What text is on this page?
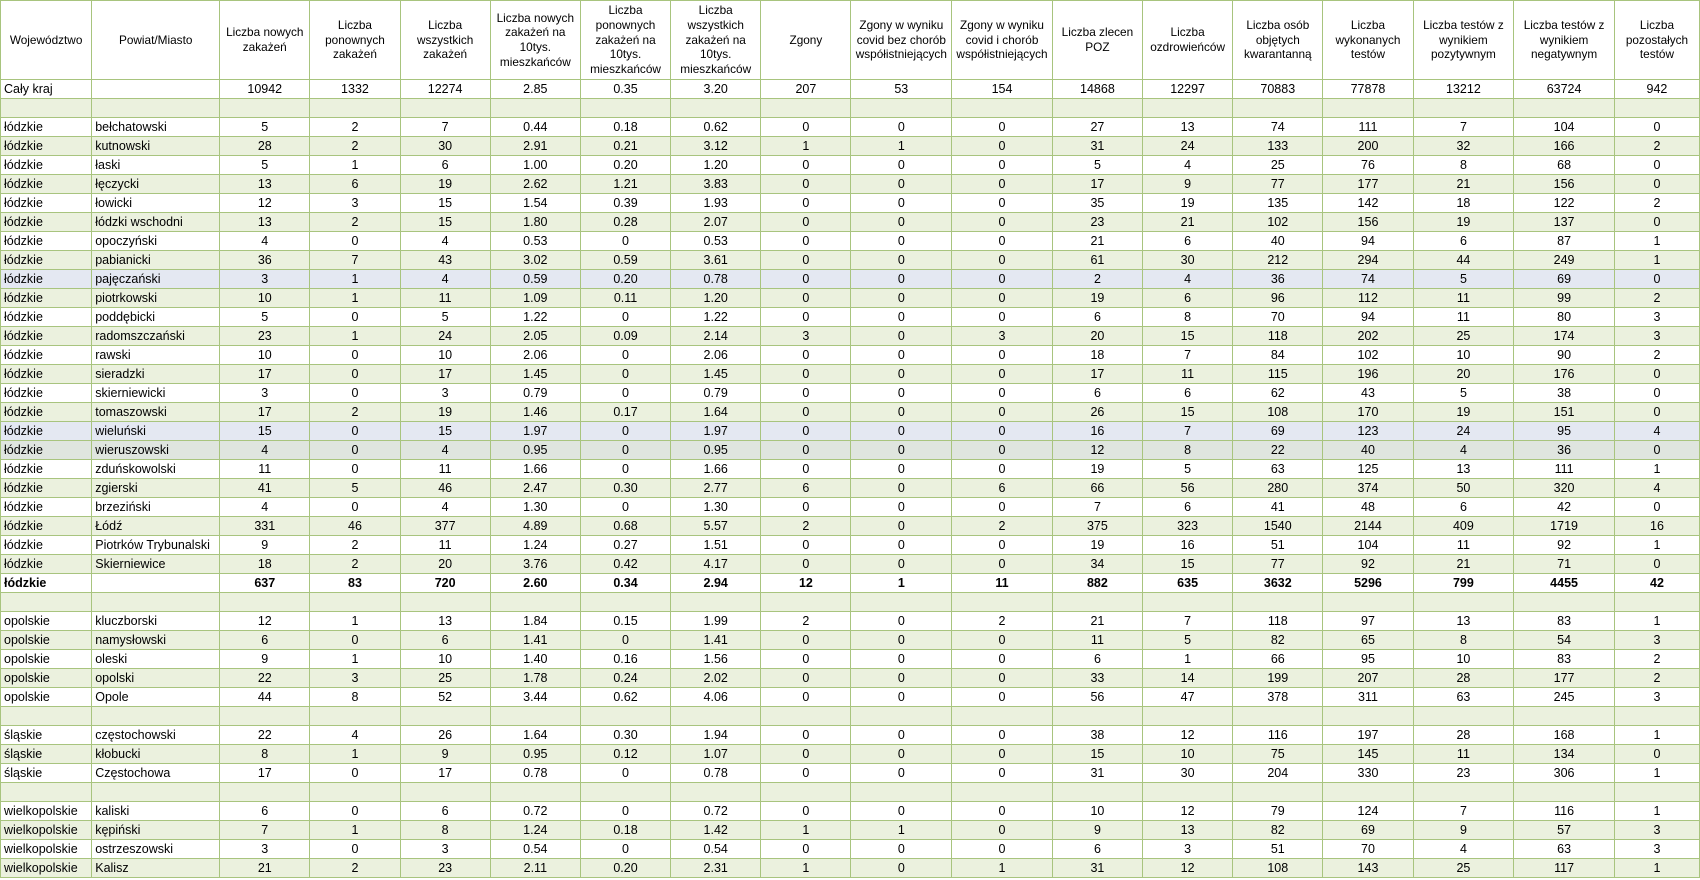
Województwo	Powiat/Miasto	Liczba nowych zakażeń	Liczba ponownych zakażeń	Liczba wszystkich zakażeń	Liczba nowych zakażeń na 10tys. mieszkańców	Liczba ponownych zakażeń na 10tys. mieszkańców	Liczba wszystkich zakażeń na 10tys. mieszkańców	Zgony	Zgony w wyniku covid bez chorób współistniejących	Zgony w wyniku covid i chorób współistniejących	Liczba zlecen POZ	Liczba ozdrowieńców	Liczba osób objętych kwarantanną	Liczba wykonanych testów	Liczba testów z wynikiem pozytywnym	Liczba testów z wynikiem negatywnym	Liczba pozostałych testów
Cały kraj		10942	1332	12274	2.85	0.35	3.20	207	53	154	14868	12297	70883	77878	13212	63724	942

łódzkie	bełchatowski	5	2	7	0.44	0.18	0.62	0	0	0	27	13	74	111	7	104	0
łódzkie	kutnowski	28	2	30	2.91	0.21	3.12	1	1	0	31	24	133	200	32	166	2
łódzkie	łaski	5	1	6	1.00	0.20	1.20	0	0	0	5	4	25	76	8	68	0
łódzkie	łęczycki	13	6	19	2.62	1.21	3.83	0	0	0	17	9	77	177	21	156	0
łódzkie	łowicki	12	3	15	1.54	0.39	1.93	0	0	0	35	19	135	142	18	122	2
łódzkie	łódzki wschodni	13	2	15	1.80	0.28	2.07	0	0	0	23	21	102	156	19	137	0
łódzkie	opoczyński	4	0	4	0.53	0	0.53	0	0	0	21	6	40	94	6	87	1
łódzkie	pabianicki	36	7	43	3.02	0.59	3.61	0	0	0	61	30	212	294	44	249	1
łódzkie	pajęczański	3	1	4	0.59	0.20	0.78	0	0	0	2	4	36	74	5	69	0
łódzkie	piotrkowski	10	1	11	1.09	0.11	1.20	0	0	0	19	6	96	112	11	99	2
łódzkie	poddębicki	5	0	5	1.22	0	1.22	0	0	0	6	8	70	94	11	80	3
łódzkie	radomszczański	23	1	24	2.05	0.09	2.14	3	0	3	20	15	118	202	25	174	3
łódzkie	rawski	10	0	10	2.06	0	2.06	0	0	0	18	7	84	102	10	90	2
łódzkie	sieradzki	17	0	17	1.45	0	1.45	0	0	0	17	11	115	196	20	176	0
łódzkie	skierniewicki	3	0	3	0.79	0	0.79	0	0	0	6	6	62	43	5	38	0
łódzkie	tomaszowski	17	2	19	1.46	0.17	1.64	0	0	0	26	15	108	170	19	151	0
łódzkie	wieluński	15	0	15	1.97	0	1.97	0	0	0	16	7	69	123	24	95	4
łódzkie	wieruszowski	4	0	4	0.95	0	0.95	0	0	0	12	8	22	40	4	36	0
łódzkie	zduńskowolski	11	0	11	1.66	0	1.66	0	0	0	19	5	63	125	13	111	1
łódzkie	zgierski	41	5	46	2.47	0.30	2.77	6	0	6	66	56	280	374	50	320	4
łódzkie	brzeziński	4	0	4	1.30	0	1.30	0	0	0	7	6	41	48	6	42	0
łódzkie	Łódź	331	46	377	4.89	0.68	5.57	2	0	2	375	323	1540	2144	409	1719	16
łódzkie	Piotrków Trybunalski	9	2	11	1.24	0.27	1.51	0	0	0	19	16	51	104	11	92	1
łódzkie	Skierniewice	18	2	20	3.76	0.42	4.17	0	0	0	34	15	77	92	21	71	0
łódzkie		637	83	720	2.60	0.34	2.94	12	1	11	882	635	3632	5296	799	4455	42

opolskie	kluczborski	12	1	13	1.84	0.15	1.99	2	0	2	21	7	118	97	13	83	1
opolskie	namysłowski	6	0	6	1.41	0	1.41	0	0	0	11	5	82	65	8	54	3
opolskie	oleski	9	1	10	1.40	0.16	1.56	0	0	0	6	1	66	95	10	83	2
opolskie	opolski	22	3	25	1.78	0.24	2.02	0	0	0	33	14	199	207	28	177	2
opolskie	Opole	44	8	52	3.44	0.62	4.06	0	0	0	56	47	378	311	63	245	3

śląskie	częstochowski	22	4	26	1.64	0.30	1.94	0	0	0	38	12	116	197	28	168	1
śląskie	kłobucki	8	1	9	0.95	0.12	1.07	0	0	0	15	10	75	145	11	134	0
śląskie	Częstochowa	17	0	17	0.78	0	0.78	0	0	0	31	30	204	330	23	306	1

wielkopolskie	kaliski	6	0	6	0.72	0	0.72	0	0	0	10	12	79	124	7	116	1
wielkopolskie	kępiński	7	1	8	1.24	0.18	1.42	1	1	0	9	13	82	69	9	57	3
wielkopolskie	ostrzeszowski	3	0	3	0.54	0	0.54	0	0	0	6	3	51	70	4	63	3
wielkopolskie	Kalisz	21	2	23	2.11	0.20	2.31	1	0	1	31	12	108	143	25	117	1
